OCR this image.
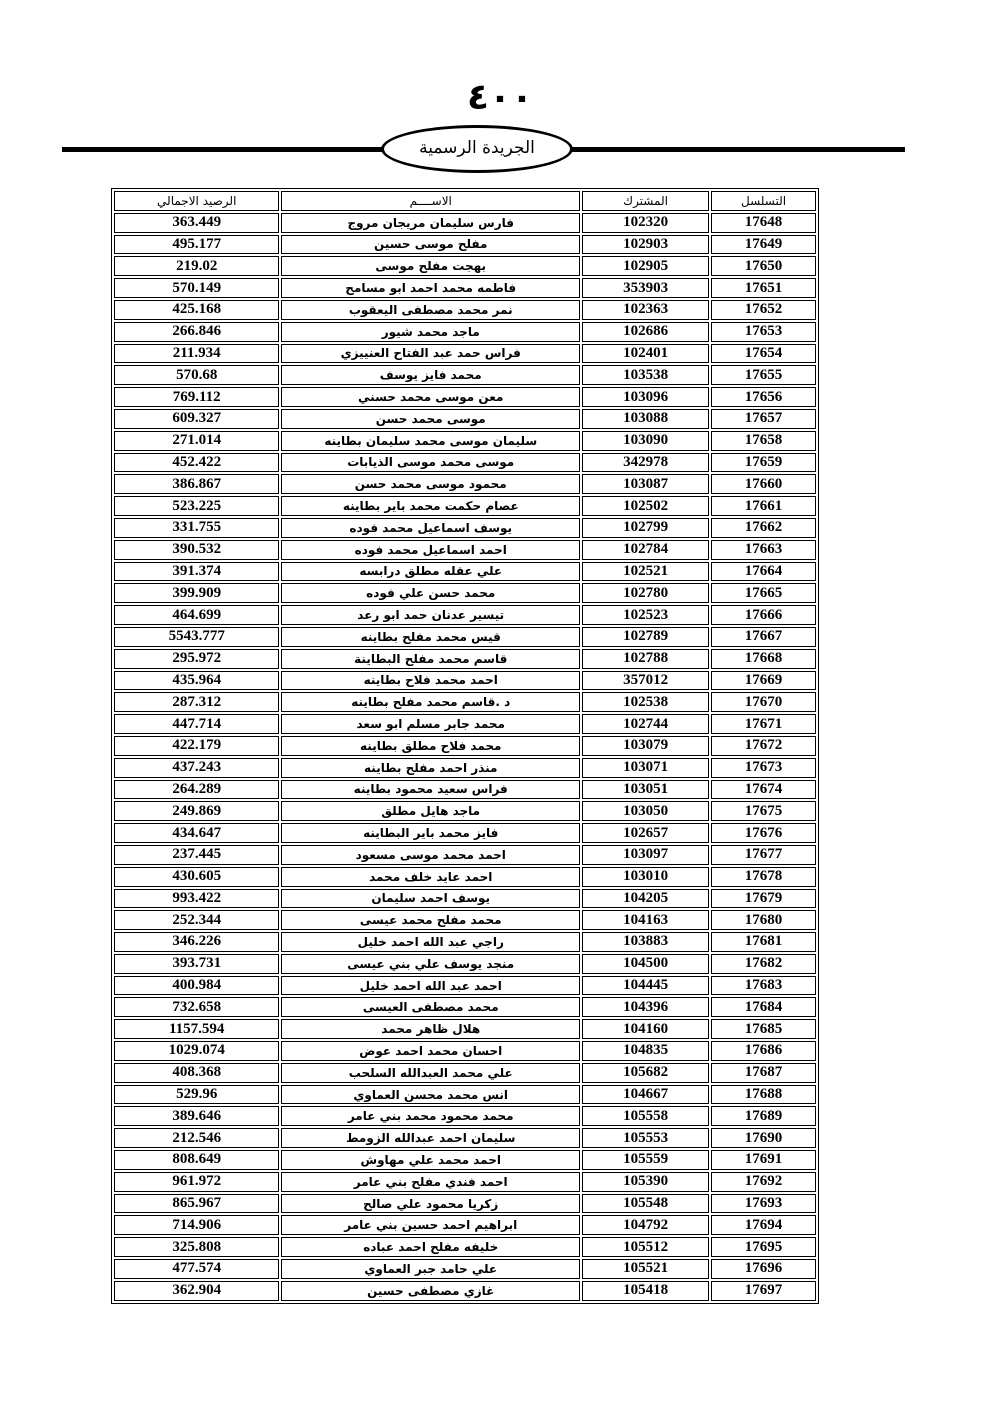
٤٠٠
الجريدة الرسمية
التسلسل	المشترك	الاســــم	الرصيد الاجمالي
17648	102320	فارس سليمان مريجان مروج	363.449
17649	102903	مفلح موسى حسين	495.177
17650	102905	بهجت مفلح موسى	219.02
17651	353903	فاطمه محمد احمد ابو مسامح	570.149
17652	102363	نمر محمد مصطفى اليعقوب	425.168
17653	102686	ماجد محمد شيور	266.846
17654	102401	فراس حمد عبد الفتاح العنييزي	211.934
17655	103538	محمد فايز يوسف	570.68
17656	103096	معن موسى محمد حسني	769.112
17657	103088	موسى محمد حسن	609.327
17658	103090	سليمان موسى محمد سليمان بطاينه	271.014
17659	342978	موسى محمد موسى الذيابات	452.422
17660	103087	محمود موسى محمد حسن	386.867
17661	102502	عصام حكمت محمد باير بطاينه	523.225
17662	102799	يوسف اسماعيل محمد فوده	331.755
17663	102784	احمد اسماعيل محمد فوده	390.532
17664	102521	علي عقله مطلق درابسه	391.374
17665	102780	محمد حسن علي فوده	399.909
17666	102523	تيسير عدنان حمد ابو رعد	464.699
17667	102789	قيس محمد مفلح بطاينه	5543.777
17668	102788	قاسم محمد مفلح البطاينة	295.972
17669	357012	احمد محمد فلاح بطاينه	435.964
17670	102538	د .قاسم محمد مفلح بطاينه	287.312
17671	102744	محمد جابر مسلم ابو سعد	447.714
17672	103079	محمد فلاح مطلق بطاينه	422.179
17673	103071	منذر احمد مفلح بطاينه	437.243
17674	103051	فراس سعيد محمود بطاينه	264.289
17675	103050	ماجد هايل مطلق	249.869
17676	102657	فايز محمد باير البطاينه	434.647
17677	103097	احمد محمد موسى مسعود	237.445
17678	103010	احمد عايد خلف محمد	430.605
17679	104205	يوسف احمد سليمان	993.422
17680	104163	محمد مفلح محمد عيسى	252.344
17681	103883	راجي عبد الله احمد خليل	346.226
17682	104500	منجد يوسف علي بني عيسى	393.731
17683	104445	احمد عبد الله احمد خليل	400.984
17684	104396	محمد مصطفى العيسى	732.658
17685	104160	هلال ظاهر محمد	1157.594
17686	104835	احسان محمد احمد عوض	1029.074
17687	105682	علي محمد العبدالله السلحب	408.368
17688	104667	انس محمد محسن العماوي	529.96
17689	105558	محمد محمود محمد بني عامر	389.646
17690	105553	سليمان احمد عبدالله الزومط	212.546
17691	105559	احمد محمد علي مهاوش	808.649
17692	105390	احمد فندي مفلح بني عامر	961.972
17693	105548	زكريا محمود علي صالح	865.967
17694	104792	ابراهيم احمد حسين بني عامر	714.906
17695	105512	خليفه مفلح احمد عباده	325.808
17696	105521	علي حامد جبر العماوي	477.574
17697	105418	غازي مصطفى حسين	362.904
